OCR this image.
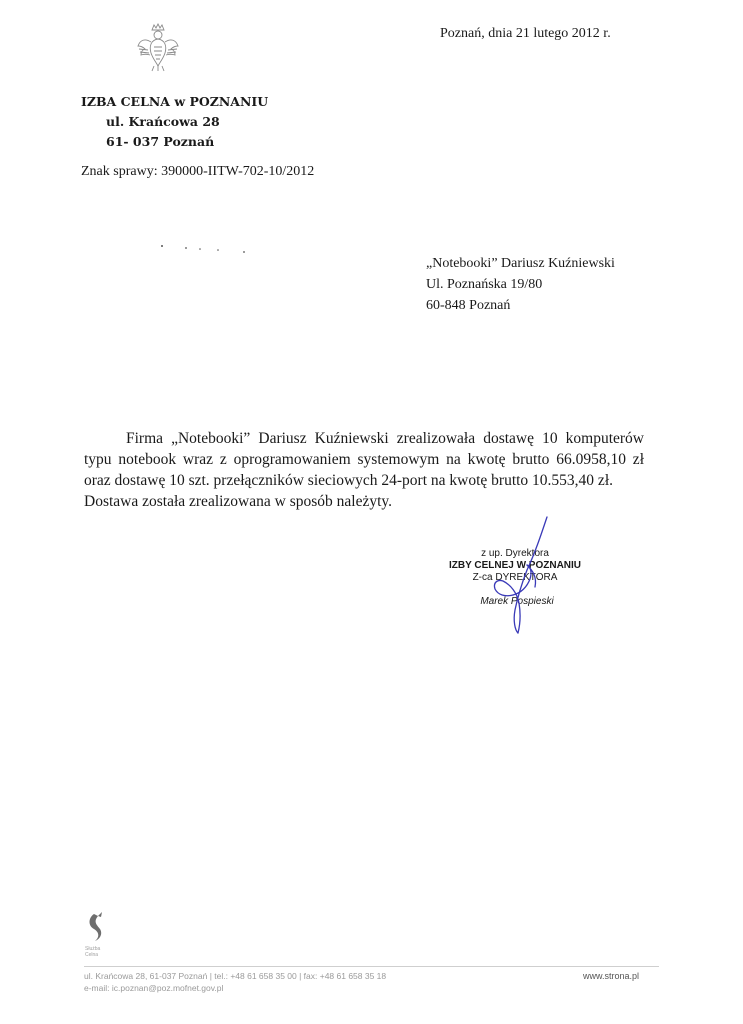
Poznań, dnia 21 lutego 2012 r.
IZBA CELNA w POZNANIU
ul. Krańcowa 28
61- 037 Poznań
Znak sprawy: 390000-IITW-702-10/2012
„Notebooki” Dariusz Kuźniewski
Ul. Poznańska 19/80
60-848 Poznań
Firma „Notebooki” Dariusz Kuźniewski zrealizowała dostawę 10 komputerów typu notebook wraz z oprogramowaniem systemowym na kwotę brutto 66.0958,10 zł oraz dostawę 10 szt. przełączników sieciowych 24-port na kwotę brutto 10.553,40 zł.
Dostawa została zrealizowana w sposób należyty.
z up. Dyrektora
IZBY CELNEJ W POZNANIU
Z-ca DYREKTORA
Marek Pospieski
Służba
Celna
ul. Krańcowa 28, 61-037 Poznań | tel.: +48 61 658 35 00 | fax: +48 61 658 35 18
e-mail: ic.poznan@poz.mofnet.gov.pl
www.strona.pl
